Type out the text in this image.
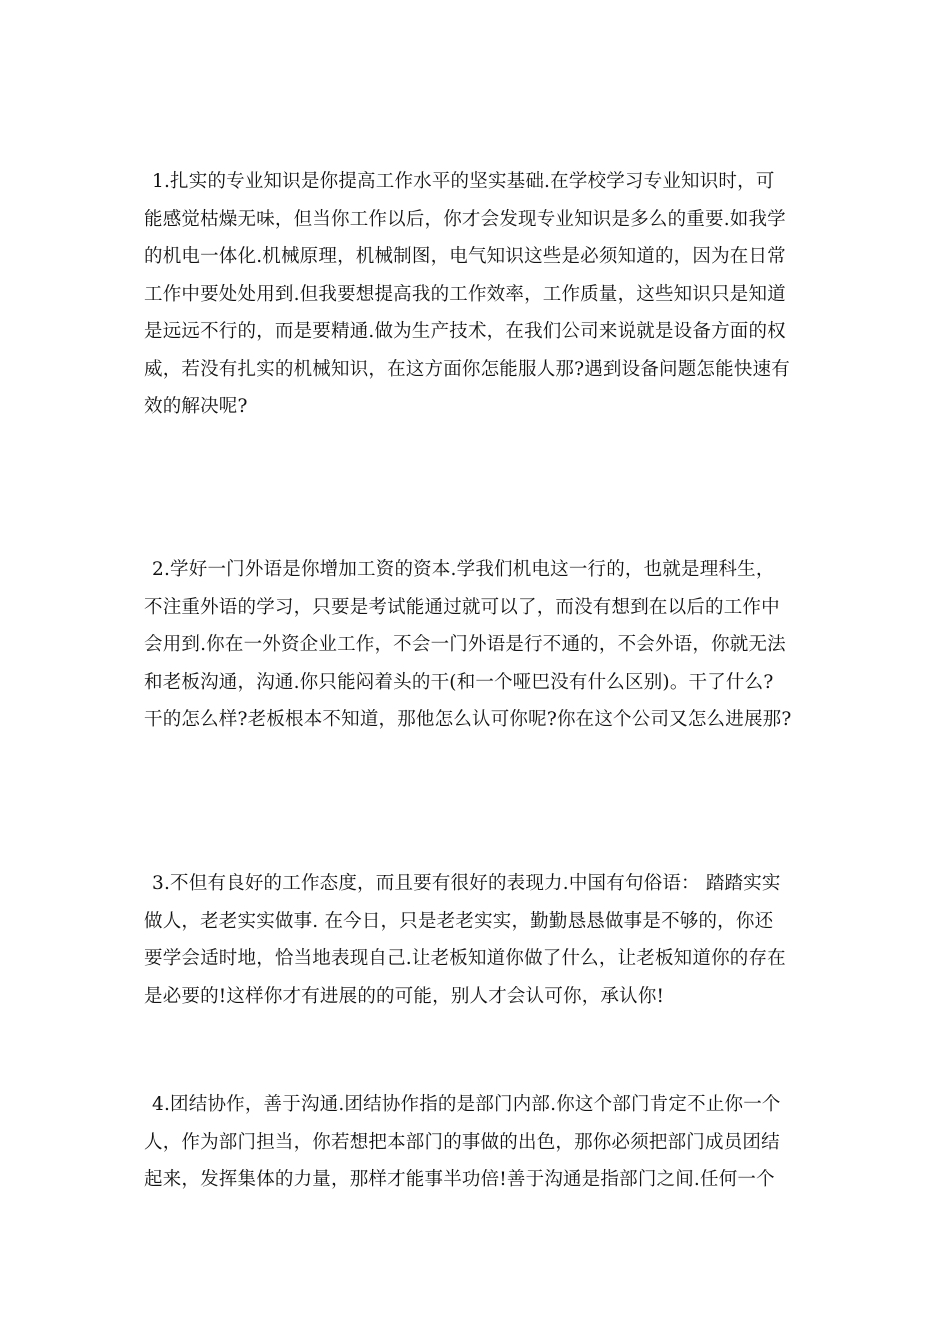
1.扎实的专业知识是你提高工作水平的坚实基础.在学校学习专业知识时，可
能感觉枯燥无味，但当你工作以后，你才会发现专业知识是多么的重要.如我学
的机电一体化.机械原理，机械制图，电气知识这些是必须知道的，因为在日常
工作中要处处用到.但我要想提高我的工作效率，工作质量，这些知识只是知道
是远远不行的，而是要精通.做为生产技术，在我们公司来说就是设备方面的权
威，若没有扎实的机械知识，在这方面你怎能服人那?遇到设备问题怎能快速有
效的解决呢?
2.学好一门外语是你增加工资的资本.学我们机电这一行的，也就是理科生，
不注重外语的学习，只要是考试能通过就可以了，而没有想到在以后的工作中
会用到.你在一外资企业工作，不会一门外语是行不通的，不会外语，你就无法
和老板沟通，沟通.你只能闷着头的干(和一个哑巴没有什么区别)。干了什么?
干的怎么样?老板根本不知道，那他怎么认可你呢?你在这个公司又怎么进展那?
3.不但有良好的工作态度，而且要有很好的表现力.中国有句俗语： 踏踏实实
做人，老老实实做事. 在今日，只是老老实实，勤勤恳恳做事是不够的，你还
要学会适时地，恰当地表现自己.让老板知道你做了什么，让老板知道你的存在
是必要的!这样你才有进展的的可能，别人才会认可你，承认你!
4.团结协作，善于沟通.团结协作指的是部门内部.你这个部门肯定不止你一个
人，作为部门担当，你若想把本部门的事做的出色，那你必须把部门成员团结
起来，发挥集体的力量，那样才能事半功倍!善于沟通是指部门之间.任何一个
